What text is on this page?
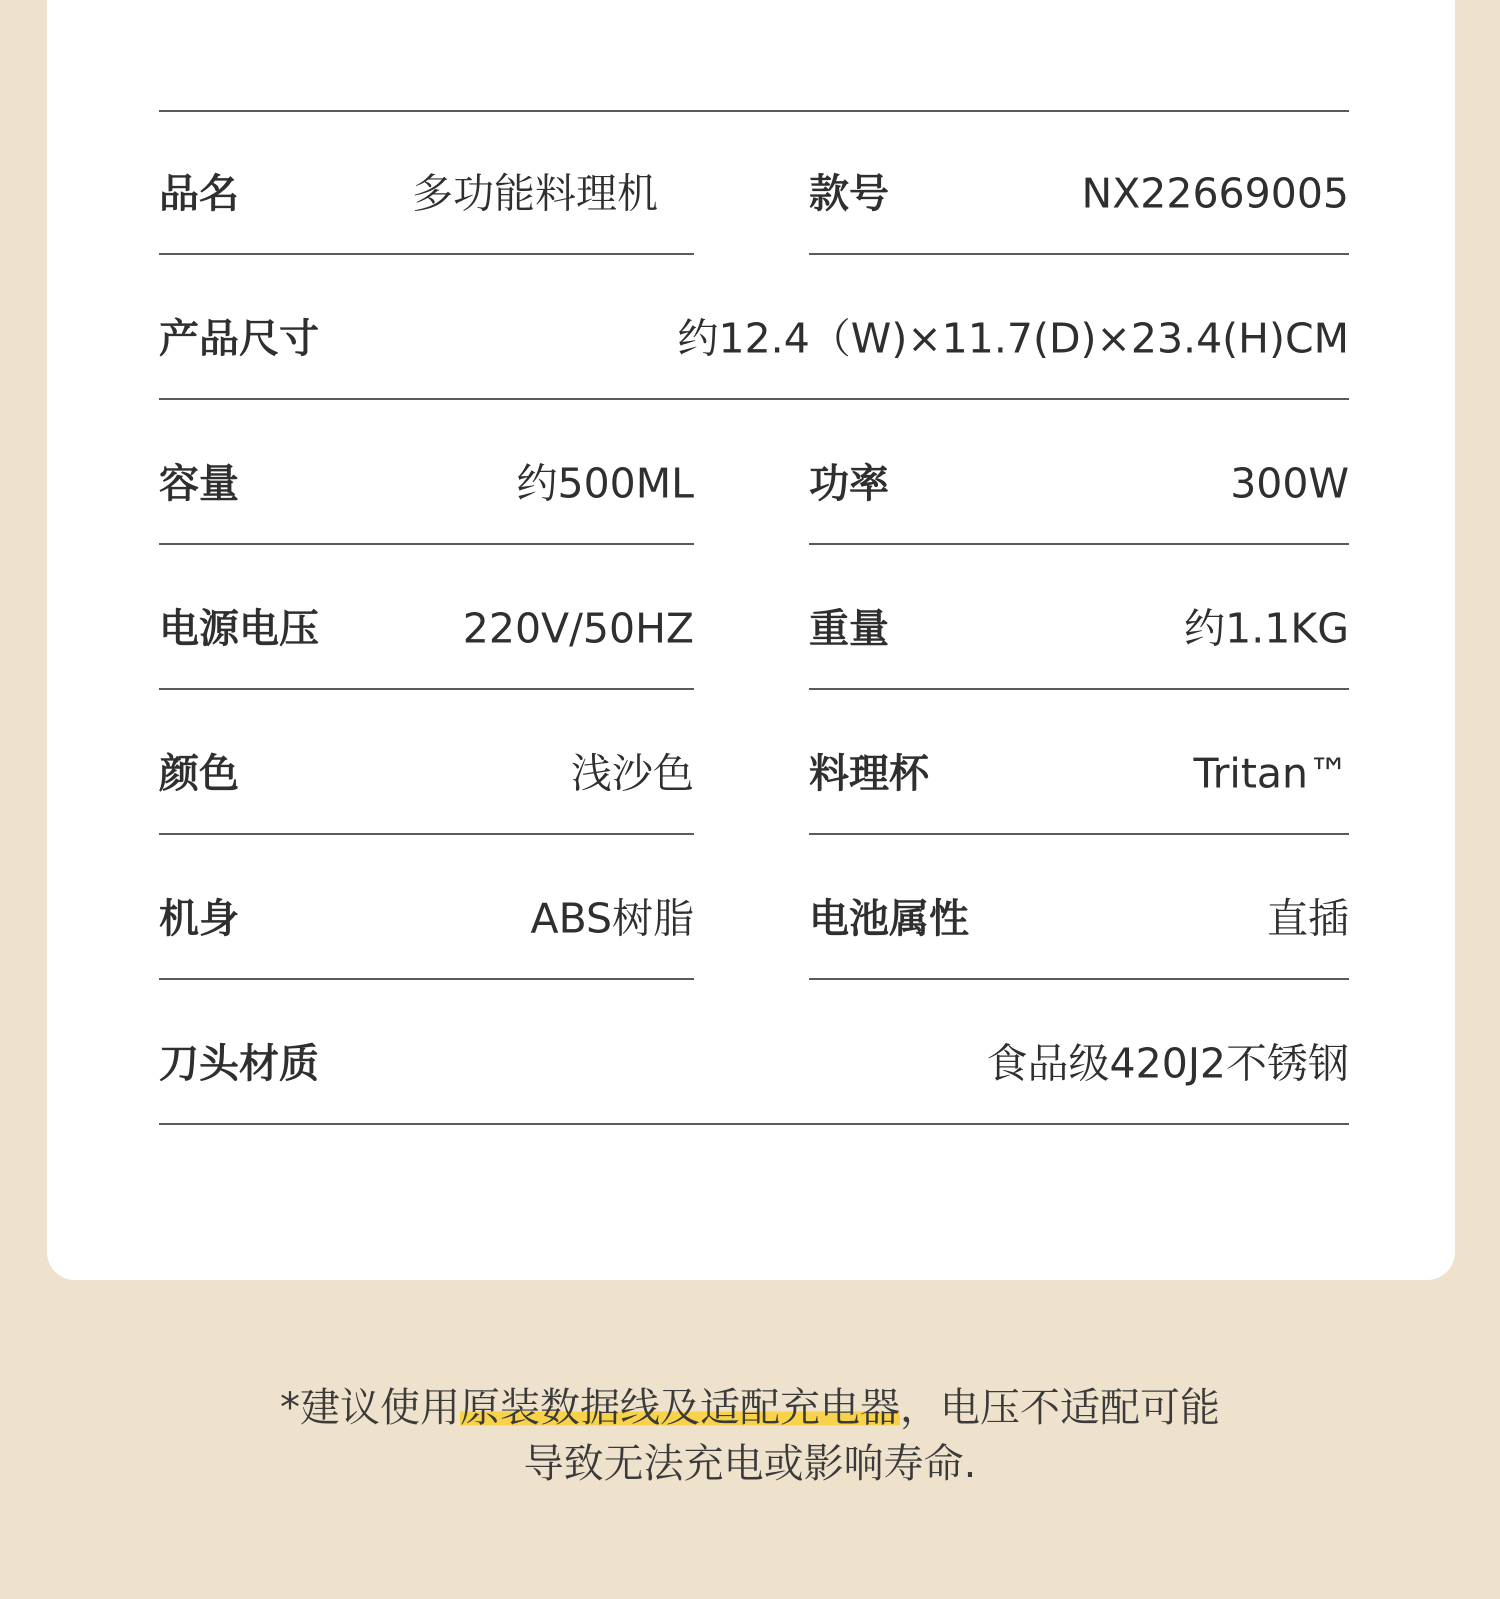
品名	多功能料理机	款号	NX22669005
产品尺寸	约12.4（W)×11.7(D)×23.4(H)CM
容量	约500ML	功率	300W
电源电压	220V/50HZ	重量	约1.1KG
颜色	浅沙色	料理杯	Tritan™
机身	ABS树脂	电池属性	直插
刀头材质	食品级420J2不锈钢
*建议使用原装数据线及适配充电器，电压不适配可能
导致无法充电或影响寿命.
